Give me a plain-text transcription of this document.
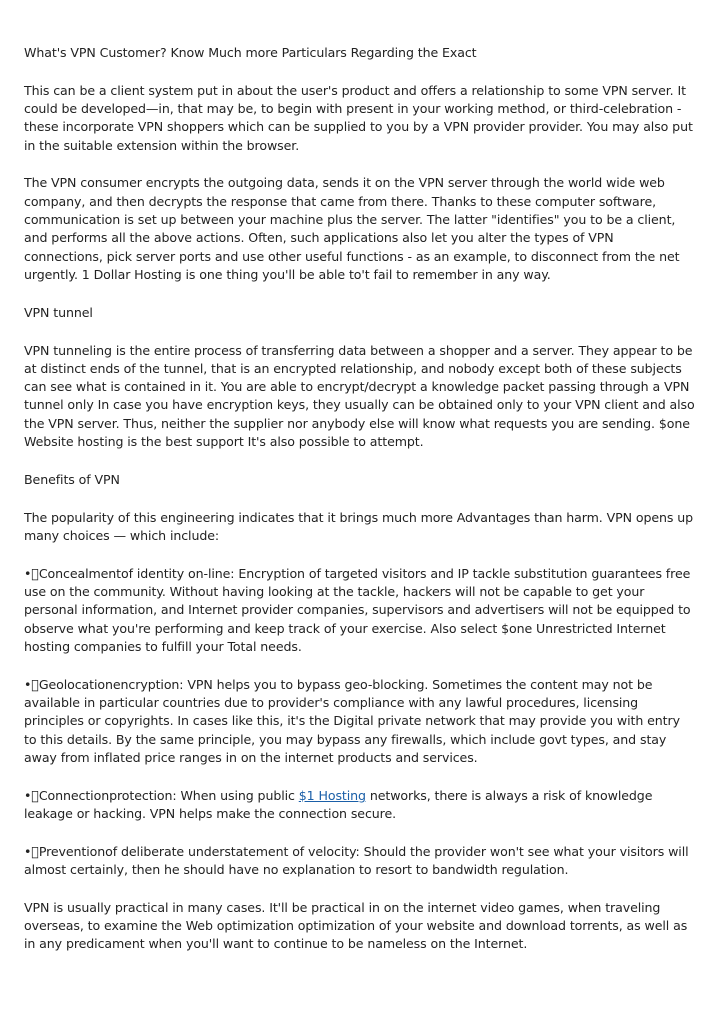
What's VPN Customer? Know Much more Particulars Regarding the Exact

This can be a client system put in about the user's product and offers a relationship to some VPN server. It could be developed—in, that may be, to begin with present in your working method, or third-celebration - these incorporate VPN shoppers which can be supplied to you by a VPN provider provider. You may also put in the suitable extension within the browser.

The VPN consumer encrypts the outgoing data, sends it on the VPN server through the world wide web company, and then decrypts the response that came from there. Thanks to these computer software, communication is set up between your machine plus the server. The latter "identifies" you to be a client, and performs all the above actions. Often, such applications also let you alter the types of VPN connections, pick server ports and use other useful functions - as an example, to disconnect from the net urgently. 1 Dollar Hosting is one thing you'll be able to't fail to remember in any way.

VPN tunnel

VPN tunneling is the entire process of transferring data between a shopper and a server. They appear to be at distinct ends of the tunnel, that is an encrypted relationship, and nobody except both of these subjects can see what is contained in it. You are able to encrypt/decrypt a knowledge packet passing through a VPN tunnel only In case you have encryption keys, they usually can be obtained only to your VPN client and also the VPN server. Thus, neither the supplier nor anybody else will know what requests you are sending. $one Website hosting is the best support It's also possible to attempt.

Benefits of VPN

The popularity of this engineering indicates that it brings much more Advantages than harm. VPN opens up many choices — which include:

• Concealmentof identity on-line: Encryption of targeted visitors and IP tackle substitution guarantees free use on the community. Without having looking at the tackle, hackers will not be capable to get your personal information, and Internet provider companies, supervisors and advertisers will not be equipped to observe what you're performing and keep track of your exercise. Also select $one Unrestricted Internet hosting companies to fulfill your Total needs.

• Geolocationencryption: VPN helps you to bypass geo-blocking. Sometimes the content may not be available in particular countries due to provider's compliance with any lawful procedures, licensing principles or copyrights. In cases like this, it's the Digital private network that may provide you with entry to this details. By the same principle, you may bypass any firewalls, which include govt types, and stay away from inflated price ranges in on the internet products and services.

• Connectionprotection: When using public $1 Hosting networks, there is always a risk of knowledge leakage or hacking. VPN helps make the connection secure.

• Preventionof deliberate understatement of velocity: Should the provider won't see what your visitors will almost certainly, then he should have no explanation to resort to bandwidth regulation.

VPN is usually practical in many cases. It'll be practical in on the internet video games, when traveling overseas, to examine the Web optimization optimization of your website and download torrents, as well as in any predicament when you'll want to continue to be nameless on the Internet.
